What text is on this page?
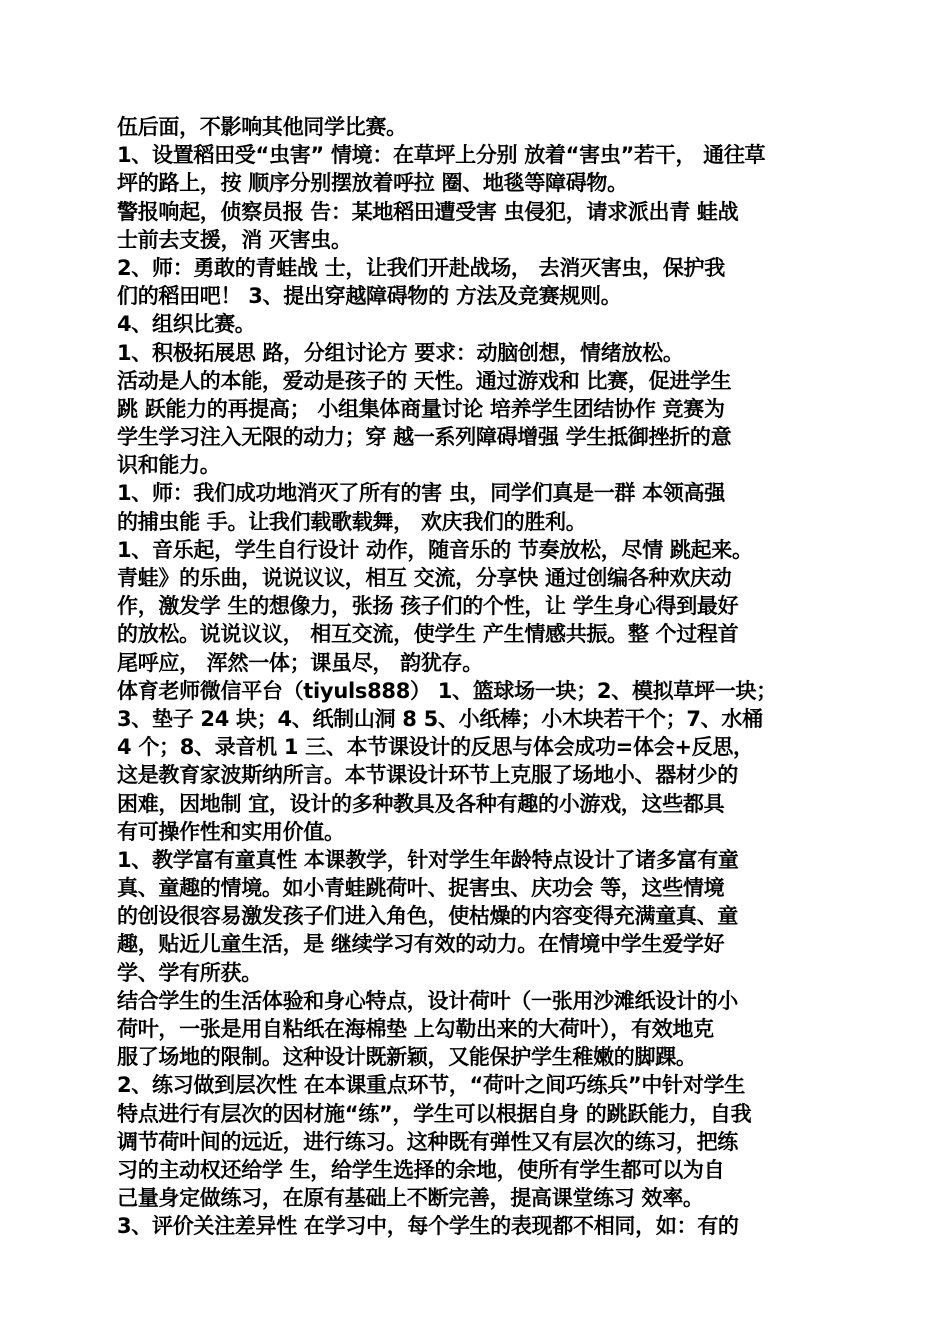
伍后面，不影响其他同学比赛。
1、设置稻田受“虫害” 情境：在草坪上分别 放着“害虫”若干， 通往草
坪的路上，按 顺序分别摆放着呼拉 圈、地毯等障碍物。
警报响起，侦察员报 告：某地稻田遭受害 虫侵犯，请求派出青 蛙战
士前去支援，消 灭害虫。
2、师：勇敢的青蛙战 士，让我们开赴战场， 去消灭害虫，保护我
们的稻田吧！ 3、提出穿越障碍物的 方法及竞赛规则。
4、组织比赛。
1、积极拓展思 路，分组讨论方 要求：动脑创想，情绪放松。
活动是人的本能，爱动是孩子的 天性。通过游戏和 比赛，促进学生
跳 跃能力的再提高； 小组集体商量讨论 培养学生团结协作 竞赛为
学生学习注入无限的动力；穿 越一系列障碍增强 学生抵御挫折的意
识和能力。
1、师：我们成功地消灭了所有的害 虫，同学们真是一群 本领高强
的捕虫能 手。让我们载歌载舞， 欢庆我们的胜利。
1、音乐起，学生自行设计 动作，随音乐的 节奏放松，尽情 跳起来。
青蛙》的乐曲，说说议议，相互 交流，分享快 通过创编各种欢庆动
作，激发学 生的想像力，张扬 孩子们的个性，让 学生身心得到最好
的放松。说说议议， 相互交流，使学生 产生情感共振。整 个过程首
尾呼应， 浑然一体；课虽尽， 韵犹存。
体育老师微信平台（tiyuls888） 1、篮球场一块；2、模拟草坪一块；
3、垫子 24 块；4、纸制山洞 8 5、小纸棒；小木块若干个；7、水桶
4 个；8、录音机 1 三、本节课设计的反思与体会成功=体会+反思，
这是教育家波斯纳所言。本节课设计环节上克服了场地小、器材少的
困难，因地制 宜，设计的多种教具及各种有趣的小游戏，这些都具
有可操作性和实用价值。
1、教学富有童真性 本课教学，针对学生年龄特点设计了诸多富有童
真、童趣的情境。如小青蛙跳荷叶、捉害虫、庆功会 等，这些情境
的创设很容易激发孩子们进入角色，使枯燥的内容变得充满童真、童
趣，贴近儿童生活，是 继续学习有效的动力。在情境中学生爱学好
学、学有所获。
结合学生的生活体验和身心特点，设计荷叶（一张用沙滩纸设计的小
荷叶，一张是用自粘纸在海棉垫 上勾勒出来的大荷叶），有效地克
服了场地的限制。这种设计既新颖，又能保护学生稚嫩的脚踝。
2、练习做到层次性 在本课重点环节，“荷叶之间巧练兵”中针对学生
特点进行有层次的因材施“练”，学生可以根据自身 的跳跃能力，自我
调节荷叶间的远近，进行练习。这种既有弹性又有层次的练习，把练
习的主动权还给学 生，给学生选择的余地，使所有学生都可以为自
己量身定做练习，在原有基础上不断完善，提高课堂练习 效率。
3、评价关注差异性 在学习中，每个学生的表现都不相同，如：有的
